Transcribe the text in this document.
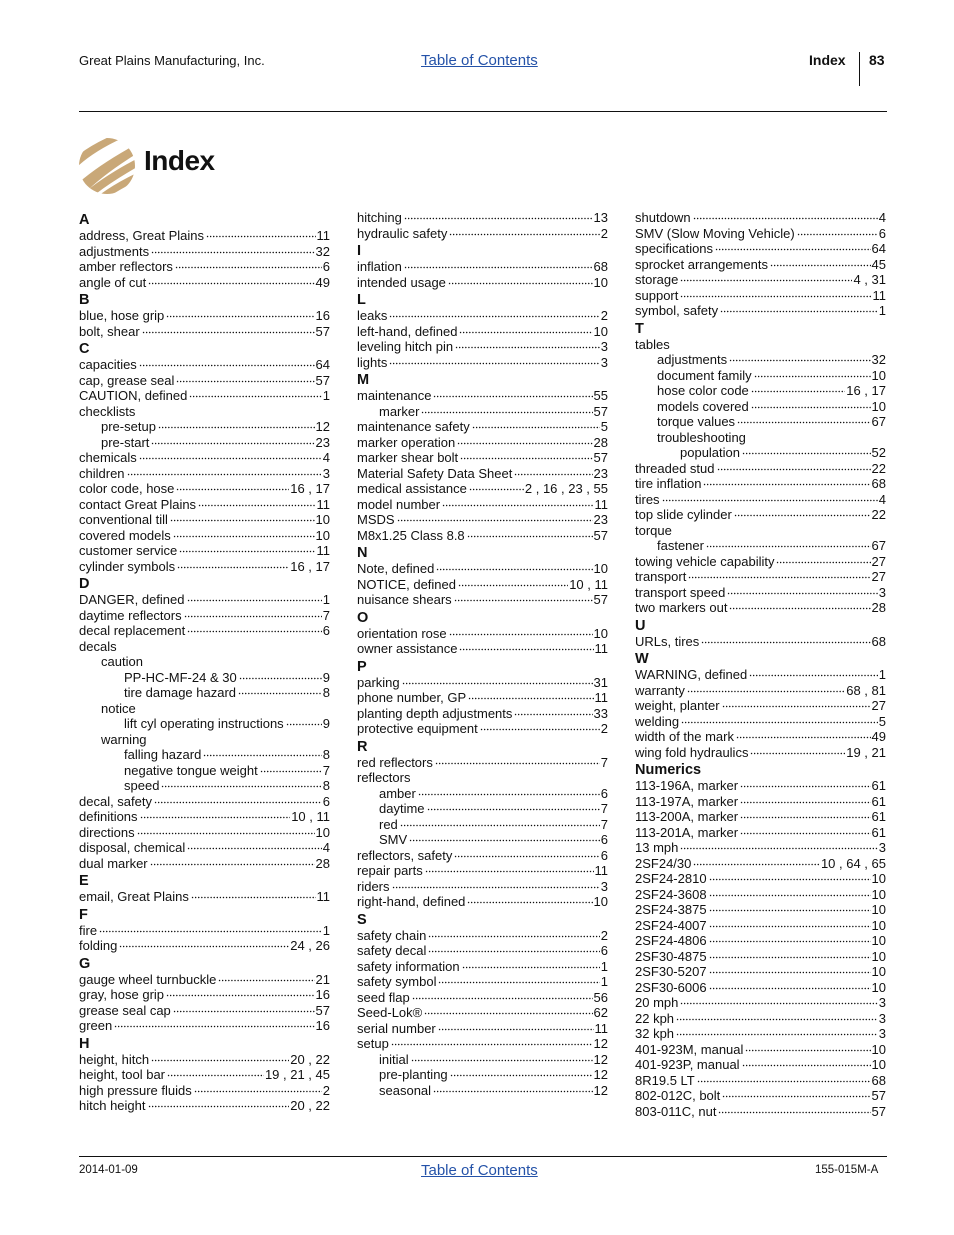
Great Plains Manufacturing, Inc.	Table of Contents	Index 83
Index
A
address, Great Plains	11
adjustments	32
amber reflectors	6
angle of cut	49
B
blue, hose grip	16
bolt, shear	57
C
capacities	64
cap, grease seal	57
CAUTION, defined	1
checklists
pre-setup	12
pre-start	23
chemicals	4
children	3
color code, hose	16 , 17
contact Great Plains	11
conventional till	10
covered models	10
customer service	11
cylinder symbols	16 , 17
D
DANGER, defined	1
daytime reflectors	7
decal replacement	6
decals
caution
PP-HC-MF-24 & 30	9
tire damage hazard	8
notice
lift cyl operating instructions	9
warning
falling hazard	8
negative tongue weight	7
speed	8
decal, safety	6
definitions	10 , 11
directions	10
disposal, chemical	4
dual marker	28
E
email, Great Plains	11
F
fire	1
folding	24 , 26
G
gauge wheel turnbuckle	21
gray, hose grip	16
grease seal cap	57
green	16
H
height, hitch	20 , 22
height, tool bar	19 , 21 , 45
high pressure fluids	2
hitch height	20 , 22
hitching	13
hydraulic safety	2
I
inflation	68
intended usage	10
L
leaks	2
left-hand, defined	10
leveling hitch pin	3
lights	3
M
maintenance	55
marker	57
maintenance safety	5
marker operation	28
marker shear bolt	57
Material Safety Data Sheet	23
medical assistance	2 , 16 , 23 , 55
model number	11
MSDS	23
M8x1.25 Class 8.8	57
N
Note, defined	10
NOTICE, defined	10 , 11
nuisance shears	57
O
orientation rose	10
owner assistance	11
P
parking	31
phone number, GP	11
planting depth adjustments	33
protective equipment	2
R
red reflectors	7
reflectors
amber	6
daytime	7
red	7
SMV	6
reflectors, safety	6
repair parts	11
riders	3
right-hand, defined	10
S
safety chain	2
safety decal	6
safety information	1
safety symbol	1
seed flap	56
Seed-Lok®	62
serial number	11
setup	12
initial	12
pre-planting	12
seasonal	12
shutdown	4
SMV (Slow Moving Vehicle)	6
specifications	64
sprocket arrangements	45
storage	4 , 31
support	11
symbol, safety	1
T
tables
adjustments	32
document family	10
hose color code	16 , 17
models covered	10
torque values	67
troubleshooting
population	52
threaded stud	22
tire inflation	68
tires	4
top slide cylinder	22
torque
fastener	67
towing vehicle capability	27
transport	27
transport speed	3
two markers out	28
U
URLs, tires	68
W
WARNING, defined	1
warranty	68 , 81
weight, planter	27
welding	5
width of the mark	49
wing fold hydraulics	19 , 21
Numerics
113-196A, marker	61
113-197A, marker	61
113-200A, marker	61
113-201A, marker	61
13 mph	3
2SF24/30	10 , 64 , 65
2SF24-2810	10
2SF24-3608	10
2SF24-3875	10
2SF24-4007	10
2SF24-4806	10
2SF30-4875	10
2SF30-5207	10
2SF30-6006	10
20 mph	3
22 kph	3
32 kph	3
401-923M, manual	10
401-923P, manual	10
8R19.5 LT	68
802-012C, bolt	57
803-011C, nut	57
2014-01-09	Table of Contents	155-015M-A
